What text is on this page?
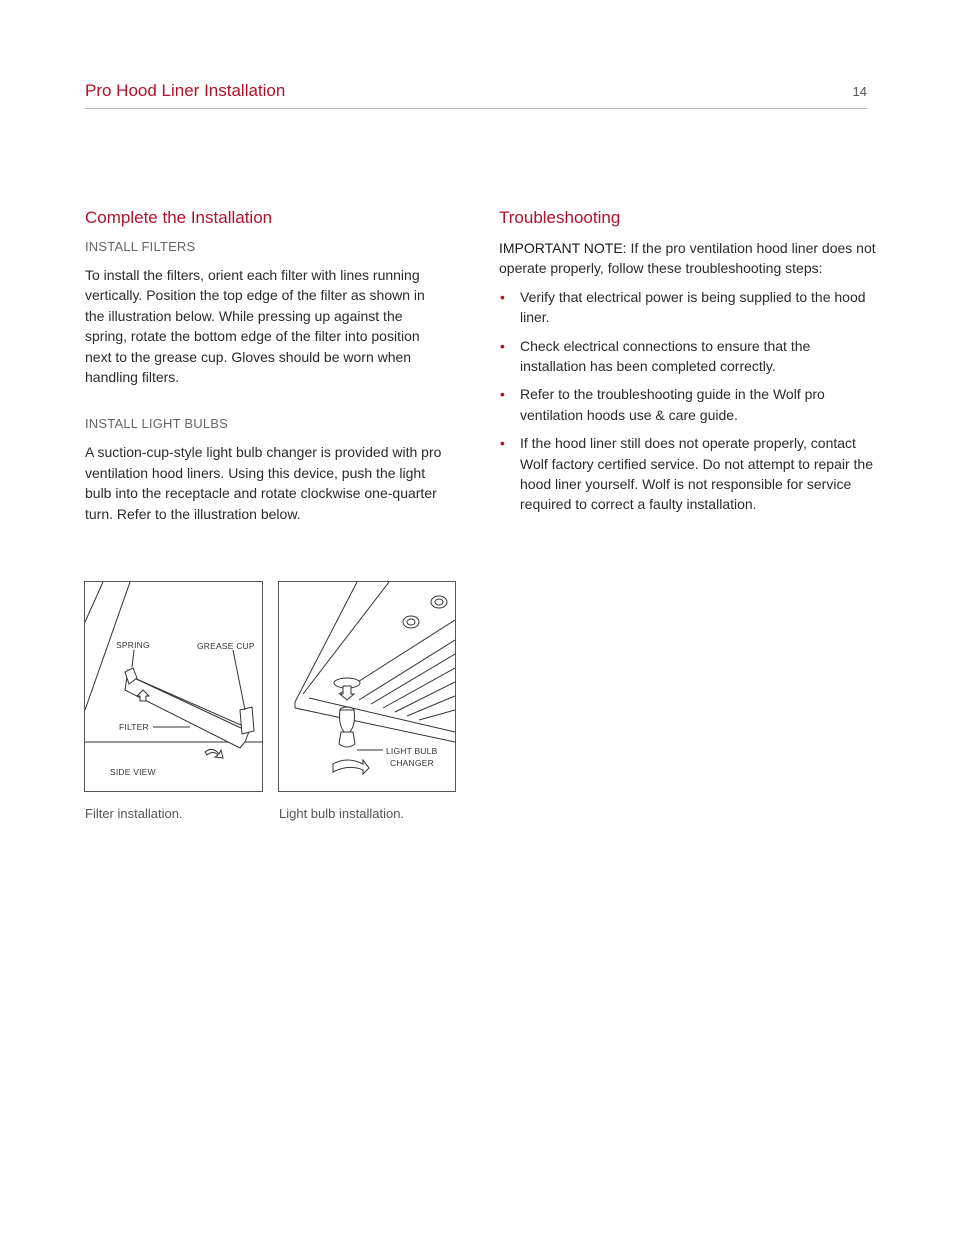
Pro Hood Liner Installation	14
Complete the Installation
INSTALL FILTERS

To install the filters, orient each filter with lines running vertically. Position the top edge of the filter as shown in the illustration below. While pressing up against the spring, rotate the bottom edge of the filter into position next to the grease cup. Gloves should be worn when handling filters.

INSTALL LIGHT BULBS

A suction-cup-style light bulb changer is provided with pro ventilation hood liners. Using this device, push the light bulb into the receptacle and rotate clockwise one-quarter turn. Refer to the illustration below.

Troubleshooting

IMPORTANT NOTE: If the pro ventilation hood liner does not operate properly, follow these troubleshooting steps:

• Verify that electrical power is being supplied to the hood liner.
• Check electrical connections to ensure that the installation has been completed correctly.
• Refer to the troubleshooting guide in the Wolf pro ventilation hoods use & care guide.
• If the hood liner still does not operate properly, contact Wolf factory certified service. Do not attempt to repair the hood liner yourself. Wolf is not responsible for service required to correct a faulty installation.
SPRING	GREASE CUP
FILTER
SIDE VIEW
LIGHT BULB
CHANGER
Filter installation.	Light bulb installation.
